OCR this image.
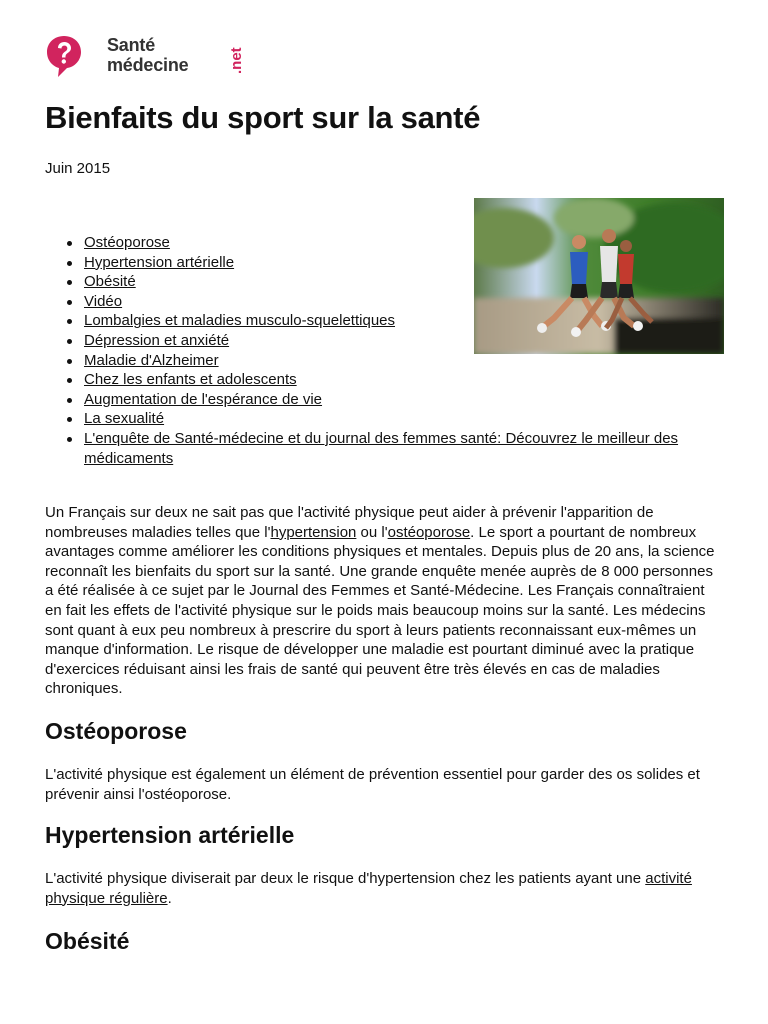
Santé
médecine	.net
Bienfaits du sport sur la santé
Juin 2015
Ostéoporose
Hypertension artérielle
Obésité
Vidéo
Lombalgies et maladies musculo-squelettiques
Dépression et anxiété
Maladie d'Alzheimer
Chez les enfants et adolescents
Augmentation de l'espérance de vie
La sexualité
L'enquête de Santé-médecine et du journal des femmes santé: Découvrez le meilleur des médicaments

Un Français sur deux ne sait pas que l'activité physique peut aider à prévenir l'apparition de nombreuses maladies telles que l'hypertension ou l'ostéoporose. Le sport a pourtant de nombreux avantages comme améliorer les conditions physiques et mentales. Depuis plus de 20 ans, la science reconnaît les bienfaits du sport sur la santé. Une grande enquête menée auprès de 8 000 personnes a été réalisée à ce sujet par le Journal des Femmes et Santé-Médecine. Les Français connaîtraient en fait les effets de l'activité physique sur le poids mais beaucoup moins sur la santé. Les médecins sont quant à eux peu nombreux à prescrire du sport à leurs patients reconnaissant eux-mêmes un manque d'information. Le risque de développer une maladie est pourtant diminué avec la pratique d'exercices réduisant ainsi les frais de santé qui peuvent être très élevés en cas de maladies chroniques.

Ostéoporose

L'activité physique est également un élément de prévention essentiel pour garder des os solides et prévenir ainsi l'ostéoporose.

Hypertension artérielle

L'activité physique diviserait par deux le risque d'hypertension chez les patients ayant une activité physique régulière.

Obésité
